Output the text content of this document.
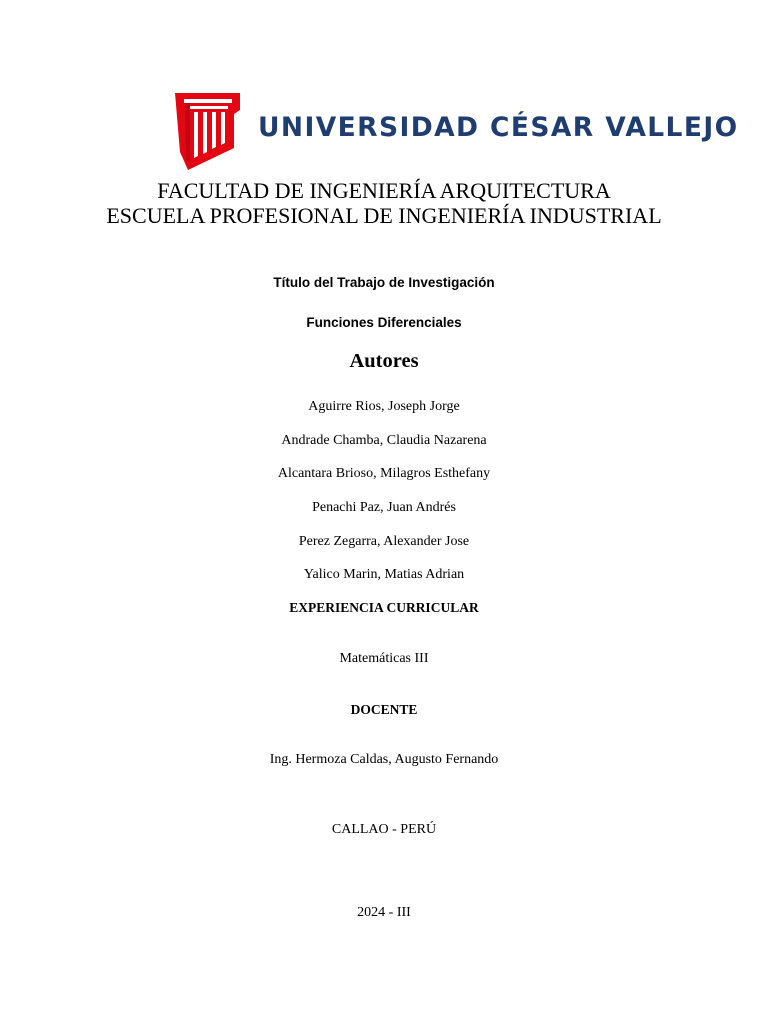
UNIVERSIDAD CÉSAR VALLEJO
FACULTAD DE INGENIERÍA ARQUITECTURA
ESCUELA PROFESIONAL DE INGENIERÍA INDUSTRIAL
Título del Trabajo de Investigación
Funciones Diferenciales
Autores
Aguirre Rios, Joseph Jorge
Andrade Chamba, Claudia Nazarena
Alcantara Brioso, Milagros Esthefany
Penachi Paz, Juan Andrés
Perez Zegarra, Alexander Jose
Yalico Marin, Matias Adrian
EXPERIENCIA CURRICULAR
Matemáticas III
DOCENTE
Ing. Hermoza Caldas, Augusto Fernando
CALLAO - PERÚ
2024 - III
